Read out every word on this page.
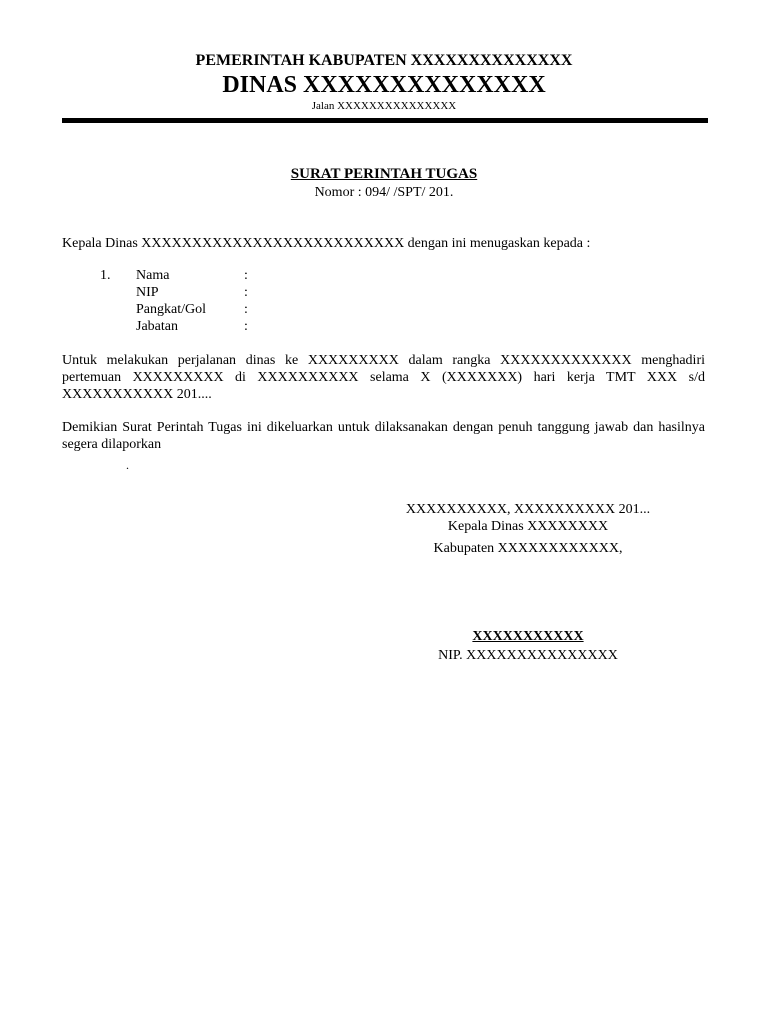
PEMERINTAH KABUPATEN XXXXXXXXXXXXXX
DINAS XXXXXXXXXXXXXX
Jalan XXXXXXXXXXXXXXX
SURAT PERINTAH TUGAS
Nomor : 094/ /SPT/ 201.
Kepala Dinas XXXXXXXXXXXXXXXXXXXXXXXXXX dengan ini menugaskan kepada :
1. Nama	:
NIP	:
Pangkat/Gol	:
Jabatan	:
Untuk melakukan perjalanan dinas ke XXXXXXXXX dalam rangka XXXXXXXXXXXXX menghadiri pertemuan XXXXXXXXX di XXXXXXXXXX selama X (XXXXXXX) hari kerja TMT XXX s/d XXXXXXXXXXX 201....
Demikian Surat Perintah Tugas ini dikeluarkan untuk dilaksanakan dengan penuh tanggung jawab dan hasilnya segera dilaporkan
.
XXXXXXXXXX, XXXXXXXXXX 201...
Kepala Dinas XXXXXXXX
Kabupaten XXXXXXXXXXXX,
XXXXXXXXXXX
NIP. XXXXXXXXXXXXXXX
